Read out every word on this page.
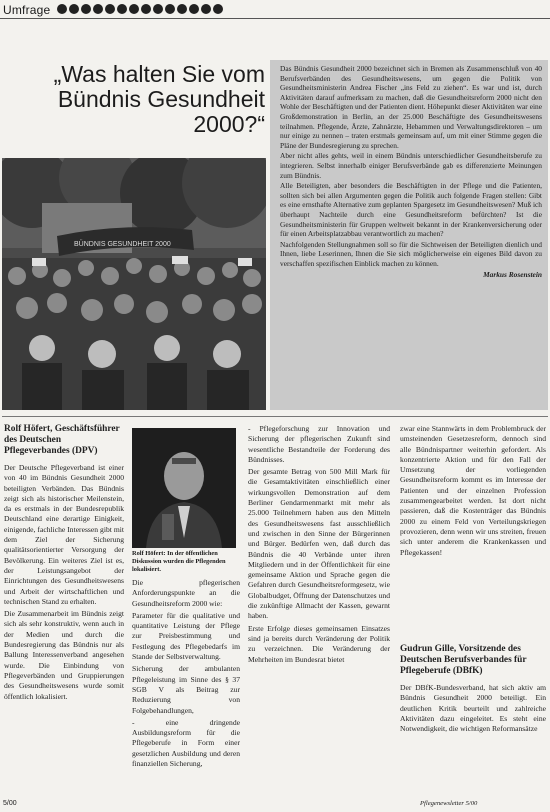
Umfrage
„Was halten Sie vom
Bündnis Gesundheit
2000?“

Das Bündnis Gesundheit 2000 bezeichnet sich in Bremen als Zusammenschluß von 40 Berufsverbänden des Gesundheitswesens, um gegen die Politik von Gesundheitsministerin Andrea Fischer „ins Feld zu ziehen“. Es war und ist, durch Aktivitäten darauf aufmerksam zu machen, daß die Gesundheitsreform 2000 nicht den Wohle der Beschäftigten und der Patienten dient. Höhepunkt dieser Aktivitäten war eine Großdemonstration in Berlin, an der 25.000 Beschäftigte des Gesundheitswesens teilnahmen. Pflegende, Ärzte, Zahnärzte, Hebammen und Verwaltungsdirektoren – um nur einige zu nennen – traten erstmals gemeinsam auf, um mit einer Stimme gegen die Pläne der Bundesregierung zu sprechen.

Aber nicht alles gehts, weil in einem Bündnis unterschiedlicher Gesundheitsberufe zu integrieren. Selbst innerhalb einiger Berufsverbände gab es differenzierte Meinungen zum Bündnis.

Alle Beteiligten, aber besonders die Beschäftigten in der Pflege und die Patienten, sollten sich bei allen Argumenten gegen die Politik auch folgende Fragen stellen: Gibt es eine ernsthafte Alternative zum geplanten Spargesetz im Gesundheitswesen? Muß ich überhaupt Nachteile durch eine Gesundheitsreform befürchten? Ist die Gesundheitsministerin für Gruppen weltweit bekannt in der Krankenversicherung oder für einen Arbeitsplatzabbau verantwortlich zu machen?

Nachfolgenden Stellungnahmen soll so für die Sichtweisen der Beteiligten dienlich und Ihnen, liebe Leserinnen, Ihnen die Sie sich möglicherweise ein eigenes Bild davon zu verschaffen spezifischen Einblick machen zu können.

Markus Rosenstein
BÜNDNIS GESUNDHEIT 2000
Rolf Höfert, Geschäftsführer des Deutschen Pflegeverbandes (DPV)

Der Deutsche Pflegeverband ist einer von 40 im Bündnis Gesundheit 2000 beteiligten Verbänden. Das Bündnis zeigt sich als historischer Meilenstein, da es erstmals in der Bundesrepublik Deutschland eine derartige Einigkeit, einigende, fachliche Interessen gibt mit dem Ziel der Sicherung qualitätsorientierter Versorgung der Bevölkerung. Ein weiteres Ziel ist es, der Leistungsangebot der Einrichtungen des Gesundheitswesens und Arbeit der wirtschaftlichen und technischen Stand zu erhalten.

Die Zusammenarbeit im Bündnis zeigt sich als sehr konstruktiv, wenn auch in der Medien und durch die Bundesregierung das Bündnis nur als Ballung Interessenverband angesehen wurde. Die Einbindung von Pflegeverbänden und Gruppierungen des Gesundheitswesens wurde somit öffentlich lokalisiert.

Rolf Höfert: In der öffentlichen Diskussion wurden die Pflegenden lokalisiert.

Die pflegerischen Anforderungspunkte an die Gesundheitsreform 2000 wie:

Parameter für die qualitative und quantitative Leistung der Pflege zur Preisbestimmung und Festlegung des Pflegebedarfs im Stande der Selbstverwaltung.

Sicherung der ambulanten Pflegeleistung im Sinne des § 37 SGB V als Beitrag zur Reduzierung von Folgebehandlungen,

- eine dringende Ausbildungsreform für die Pflegeberufe in Form einer gesetzlichen Ausbildung und deren finanziellen Sicherung,

- Pflegeforschung zur Innovation und Sicherung der pflegerischen Zukunft sind wesentliche Bestandteile der Forderung des Bündnisses.

Der gesamte Betrag von 500 Mill Mark für die Gesamtaktivitäten einschließlich einer wirkungsvollen Demonstration auf dem Berliner Gendarmenmarkt mit mehr als 25.000 Teilnehmern haben aus den Mitteln des Gesundheitswesens fast ausschließlich und zwischen in den Sinne der Bürgerinnen und Bürger. Bedürfen wen, daß durch das Bündnis die 40 Verbände unter ihren Mitgliedern und in der Öffentlichkeit für eine gemeinsame Aktion und Sprache gegen die Gefahren durch Gesundheitsreformgesetz, wie Globalbudget, Öffnung der Datenschutzes und die zukünftige Allmacht der Kassen, gewarnt haben.

Erste Erfolge dieses gemeinsamen Einsatzes sind ja bereits durch Veränderung der Politik zu verzeichnen. Die Veränderung der Mehrheiten im Bundesrat bietet

zwar eine Stannwärts in dem Problembruck der umsteinenden Gesetzesreform, dennoch sind alle Bündnispartner weiterhin gefordert. Als konzentrierte Aktion und für den Fall der Umsetzung der vorliegenden Gesundheitsreform kommt es im Interesse der Patienten und der einzelnen Profession zusammengearbeitet werden. Ist dort nicht passieren, daß die Kostenträger das Bündnis 2000 zu einem Feld von Verteilungskriegen provozieren, denn wenn wir uns streiten, freuen sich unter anderem die Krankenkassen und Pflegekassen!

Gudrun Gille, Vorsitzende des Deutschen Berufsverbandes für Pflegeberufe (DBfK)

Der DBfK-Bundesverband, hat sich aktiv am Bündnis Gesundheit 2000 beteiligt. Ein deutlichen Kritik beurteilt und zahlreiche Aktivitäten dazu eingeleitet. Es steht eine Notwendigkeit, die wichtigen Reformansätze

5/00	Pflegenewsletter 5/00
